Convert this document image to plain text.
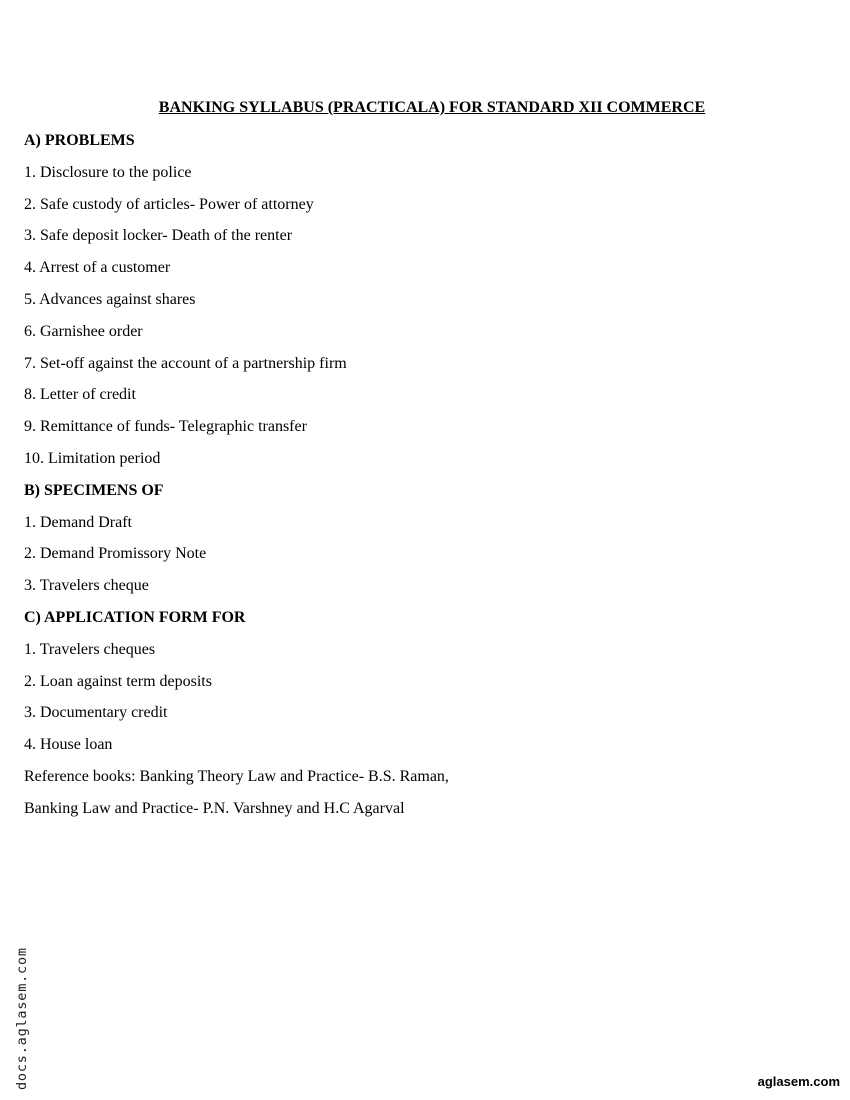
BANKING SYLLABUS (PRACTICALA) FOR STANDARD XII COMMERCE
A) PROBLEMS
1. Disclosure to the police
2. Safe custody of articles- Power of attorney
3. Safe deposit locker- Death of the renter
4. Arrest of a customer
5. Advances against shares
6. Garnishee order
7. Set-off against the account of a partnership firm
8. Letter of credit
9. Remittance of funds- Telegraphic transfer
10. Limitation period
B) SPECIMENS OF
1. Demand Draft
2. Demand Promissory Note
3. Travelers cheque
C) APPLICATION FORM FOR
1. Travelers cheques
2. Loan against term deposits
3. Documentary credit
4. House loan
Reference books: Banking Theory Law and Practice- B.S. Raman,
Banking Law and Practice- P.N. Varshney and H.C Agarval
docs.aglasem.com	aglasem.com
